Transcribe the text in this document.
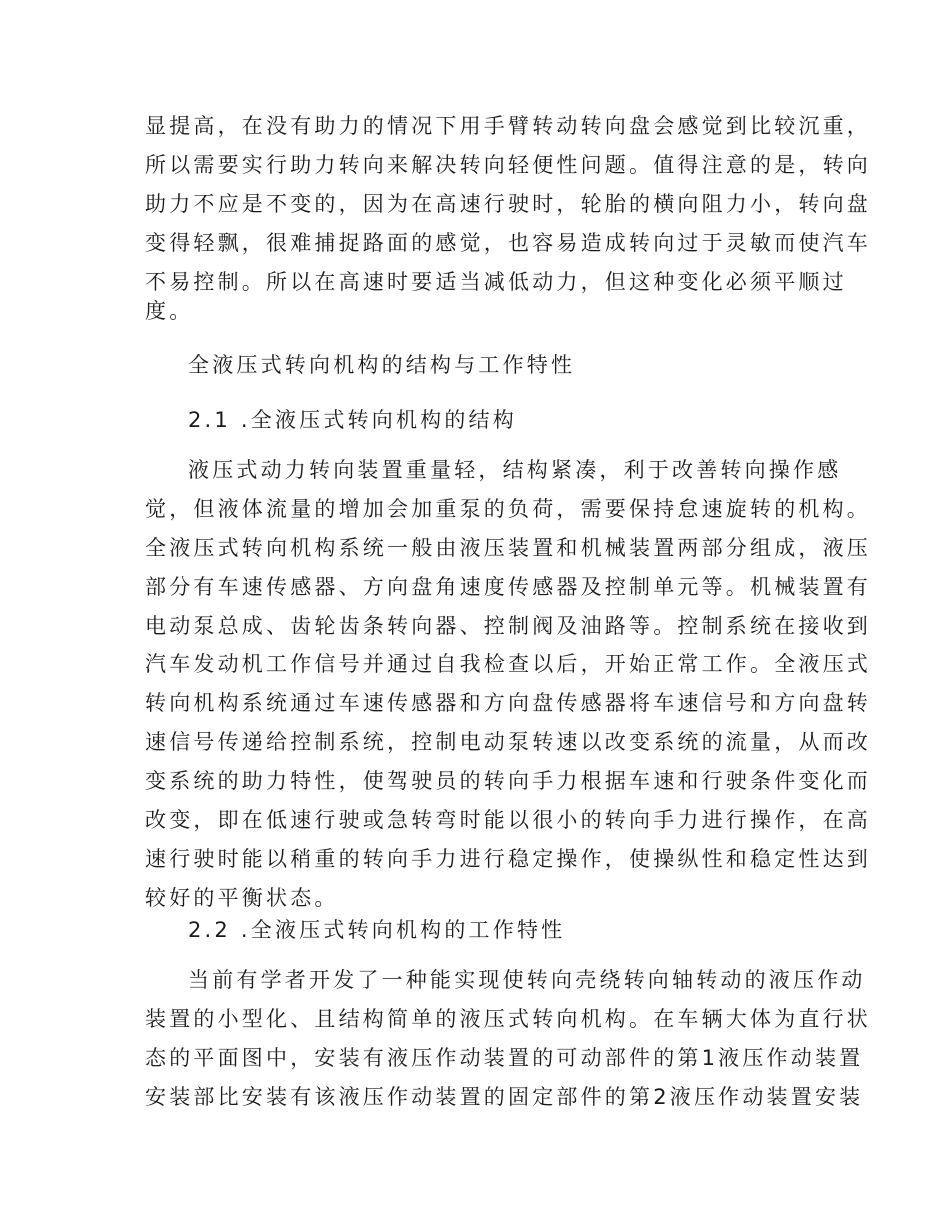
显提高，在没有助力的情况下用手臂转动转向盘会感觉到比较沉重，
所以需要实行助力转向来解决转向轻便性问题。值得注意的是，转向
助力不应是不变的，因为在高速行驶时，轮胎的横向阻力小，转向盘
变得轻飘，很难捕捉路面的感觉，也容易造成转向过于灵敏而使汽车
不易控制。所以在高速时要适当减低动力，但这种变化必须平顺过
度。
全液压式转向机构的结构与工作特性
2.1 .全液压式转向机构的结构
液压式动力转向装置重量轻，结构紧凑，利于改善转向操作感
觉，但液体流量的增加会加重泵的负荷，需要保持怠速旋转的机构。
全液压式转向机构系统一般由液压装置和机械装置两部分组成，液压
部分有车速传感器、方向盘角速度传感器及控制单元等。机械装置有
电动泵总成、齿轮齿条转向器、控制阀及油路等。控制系统在接收到
汽车发动机工作信号并通过自我检查以后，开始正常工作。全液压式
转向机构系统通过车速传感器和方向盘传感器将车速信号和方向盘转
速信号传递给控制系统，控制电动泵转速以改变系统的流量，从而改
变系统的助力特性，使驾驶员的转向手力根据车速和行驶条件变化而
改变，即在低速行驶或急转弯时能以很小的转向手力进行操作，在高
速行驶时能以稍重的转向手力进行稳定操作，使操纵性和稳定性达到
较好的平衡状态。
2.2 .全液压式转向机构的工作特性
当前有学者开发了一种能实现使转向壳绕转向轴转动的液压作动
装置的小型化、且结构简单的液压式转向机构。在车辆大体为直行状
态的平面图中，安装有液压作动装置的可动部件的第1液压作动装置
安装部比安装有该液压作动装置的固定部件的第2液压作动装置安装
